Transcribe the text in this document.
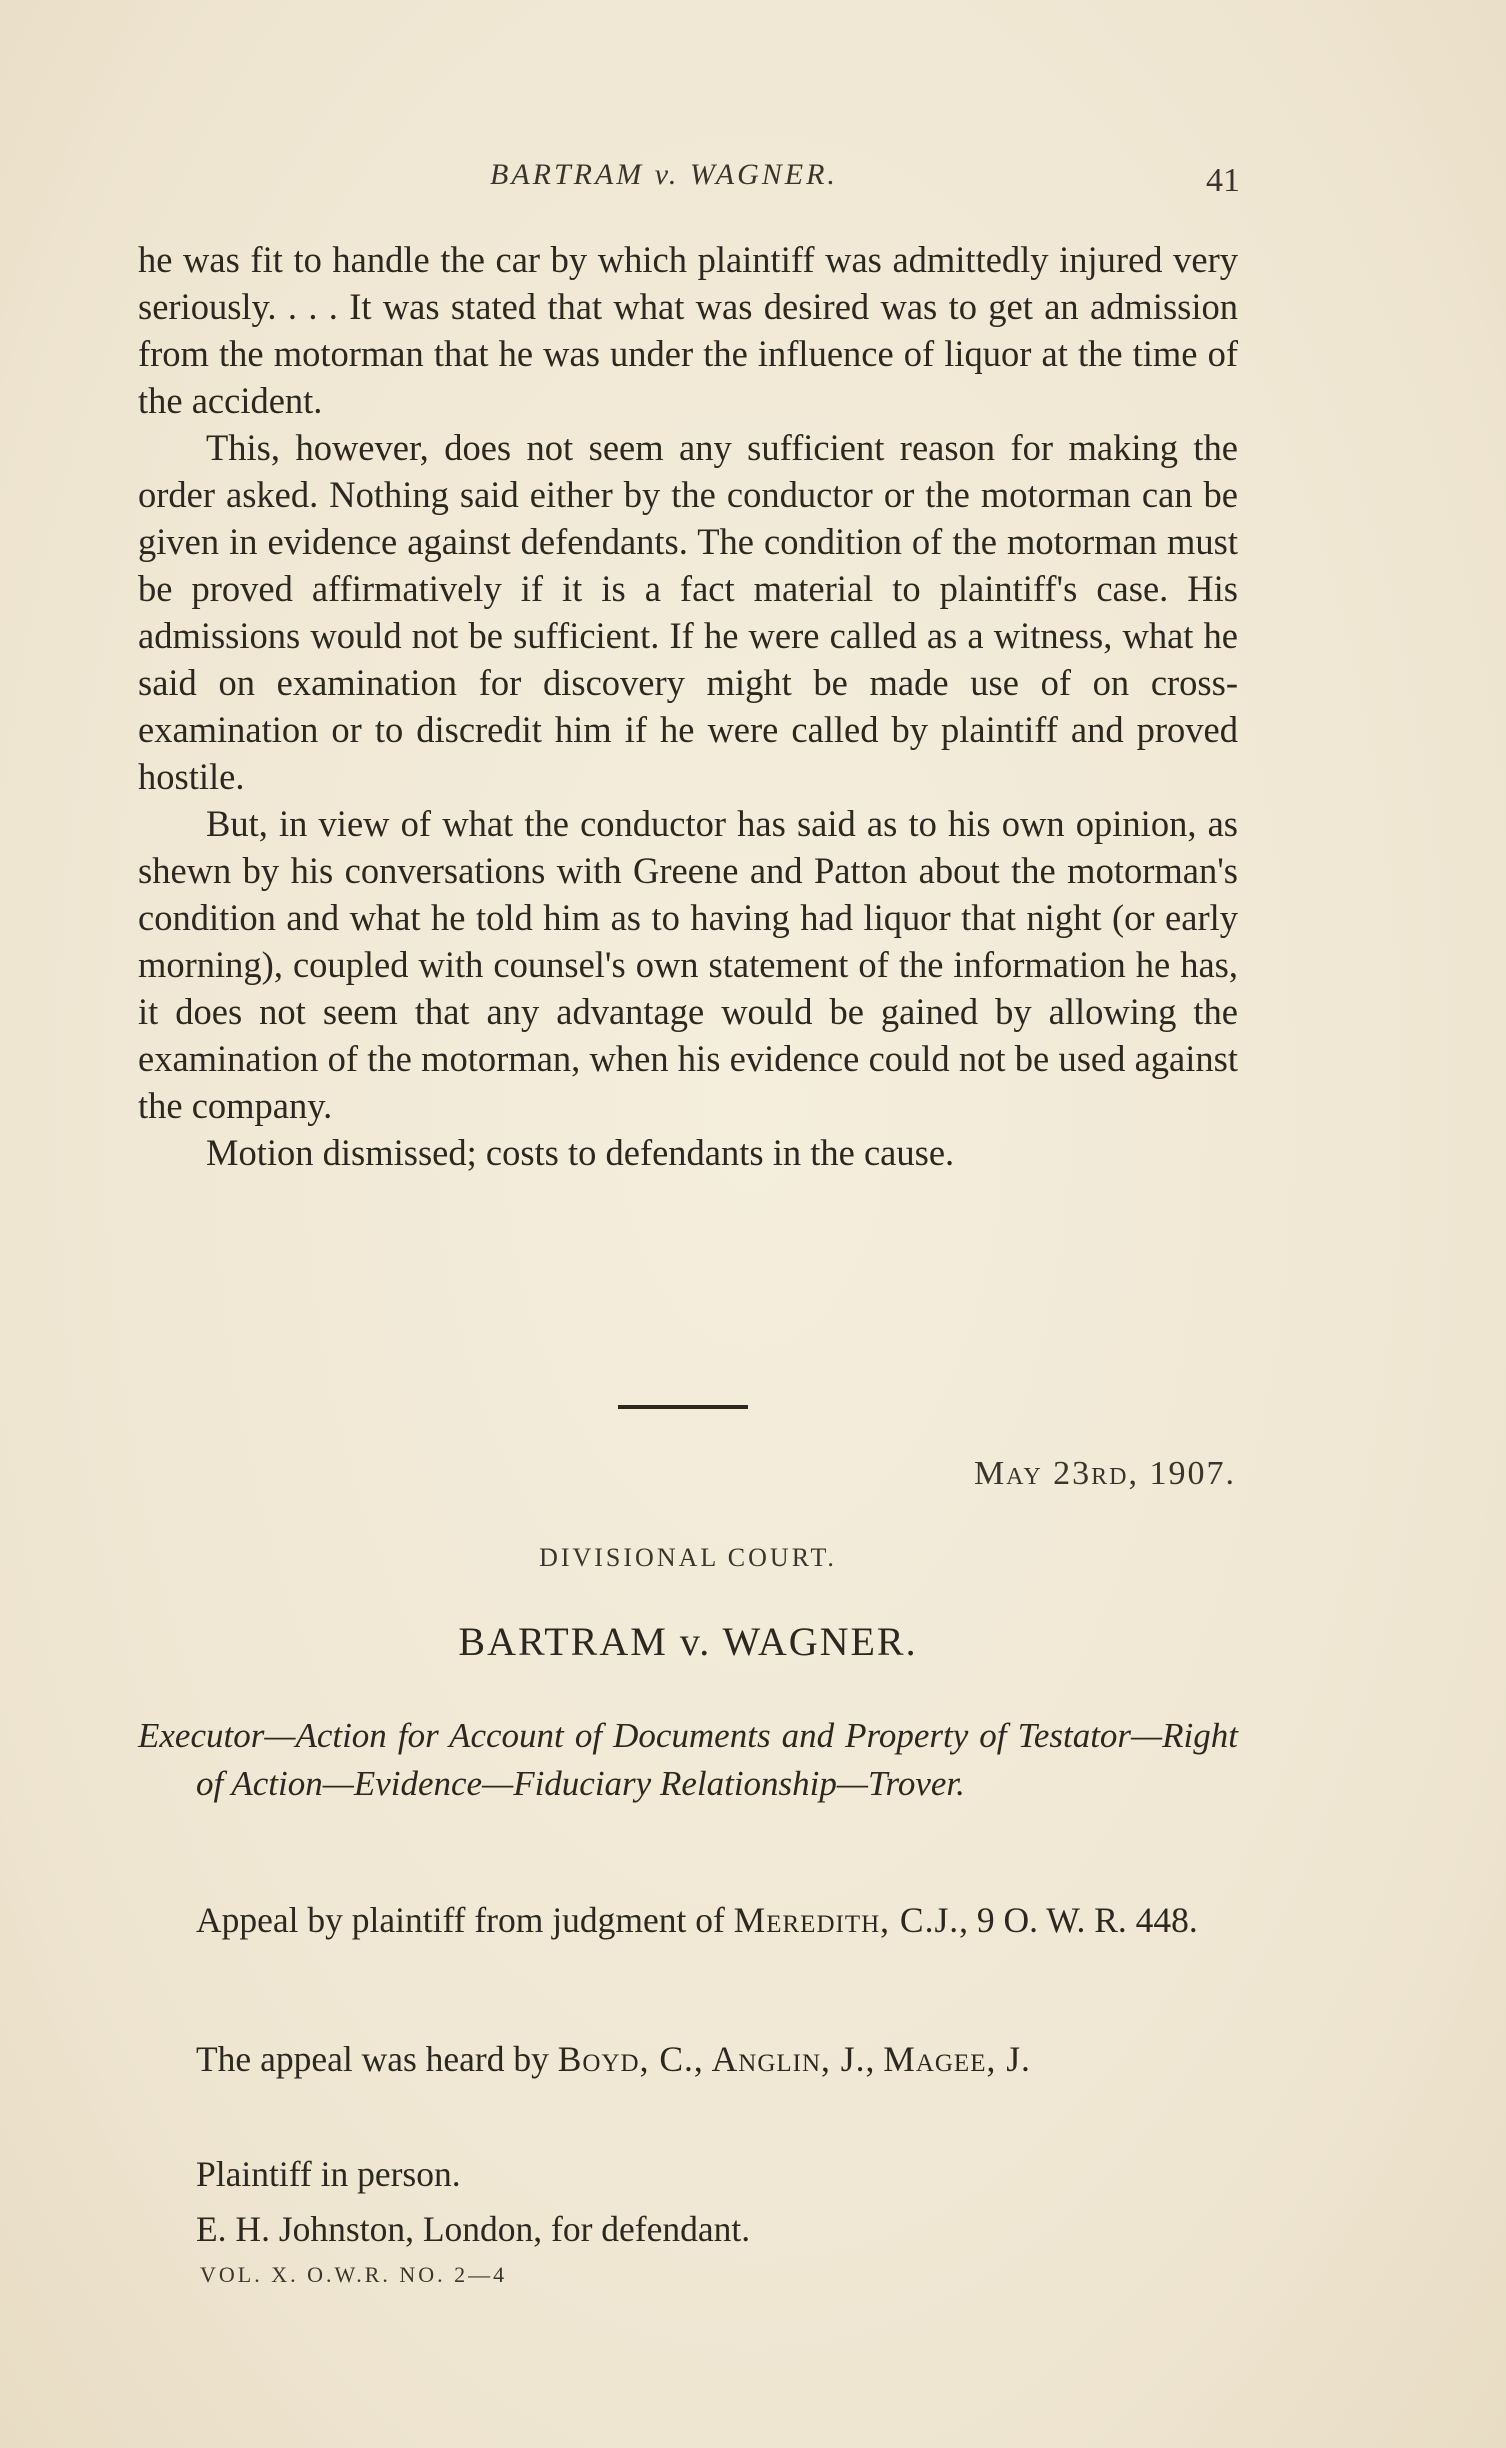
BARTRAM v. WAGNER.	41

he was fit to handle the car by which plaintiff was admittedly injured very seriously. . . . It was stated that what was desired was to get an admission from the motorman that he was under the influence of liquor at the time of the accident.

This, however, does not seem any sufficient reason for making the order asked. Nothing said either by the conductor or the motorman can be given in evidence against defendants. The condition of the motorman must be proved affirmatively if it is a fact material to plaintiff's case. His admissions would not be sufficient. If he were called as a witness, what he said on examination for discovery might be made use of on cross-examination or to discredit him if he were called by plaintiff and proved hostile.

But, in view of what the conductor has said as to his own opinion, as shewn by his conversations with Greene and Patton about the motorman's condition and what he told him as to having had liquor that night (or early morning), coupled with counsel's own statement of the information he has, it does not seem that any advantage would be gained by allowing the examination of the motorman, when his evidence could not be used against the company.

Motion dismissed; costs to defendants in the cause.

May 23rd, 1907.
DIVISIONAL COURT.
BARTRAM v. WAGNER.
Executor—Action for Account of Documents and Property of Testator—Right of Action—Evidence—Fiduciary Relationship—Trover.

Appeal by plaintiff from judgment of Meredith, C.J., 9 O. W. R. 448.

The appeal was heard by Boyd, C., Anglin, J., Magee, J.

Plaintiff in person.

E. H. Johnston, London, for defendant.

VOL. X. O.W.R. NO. 2—4
